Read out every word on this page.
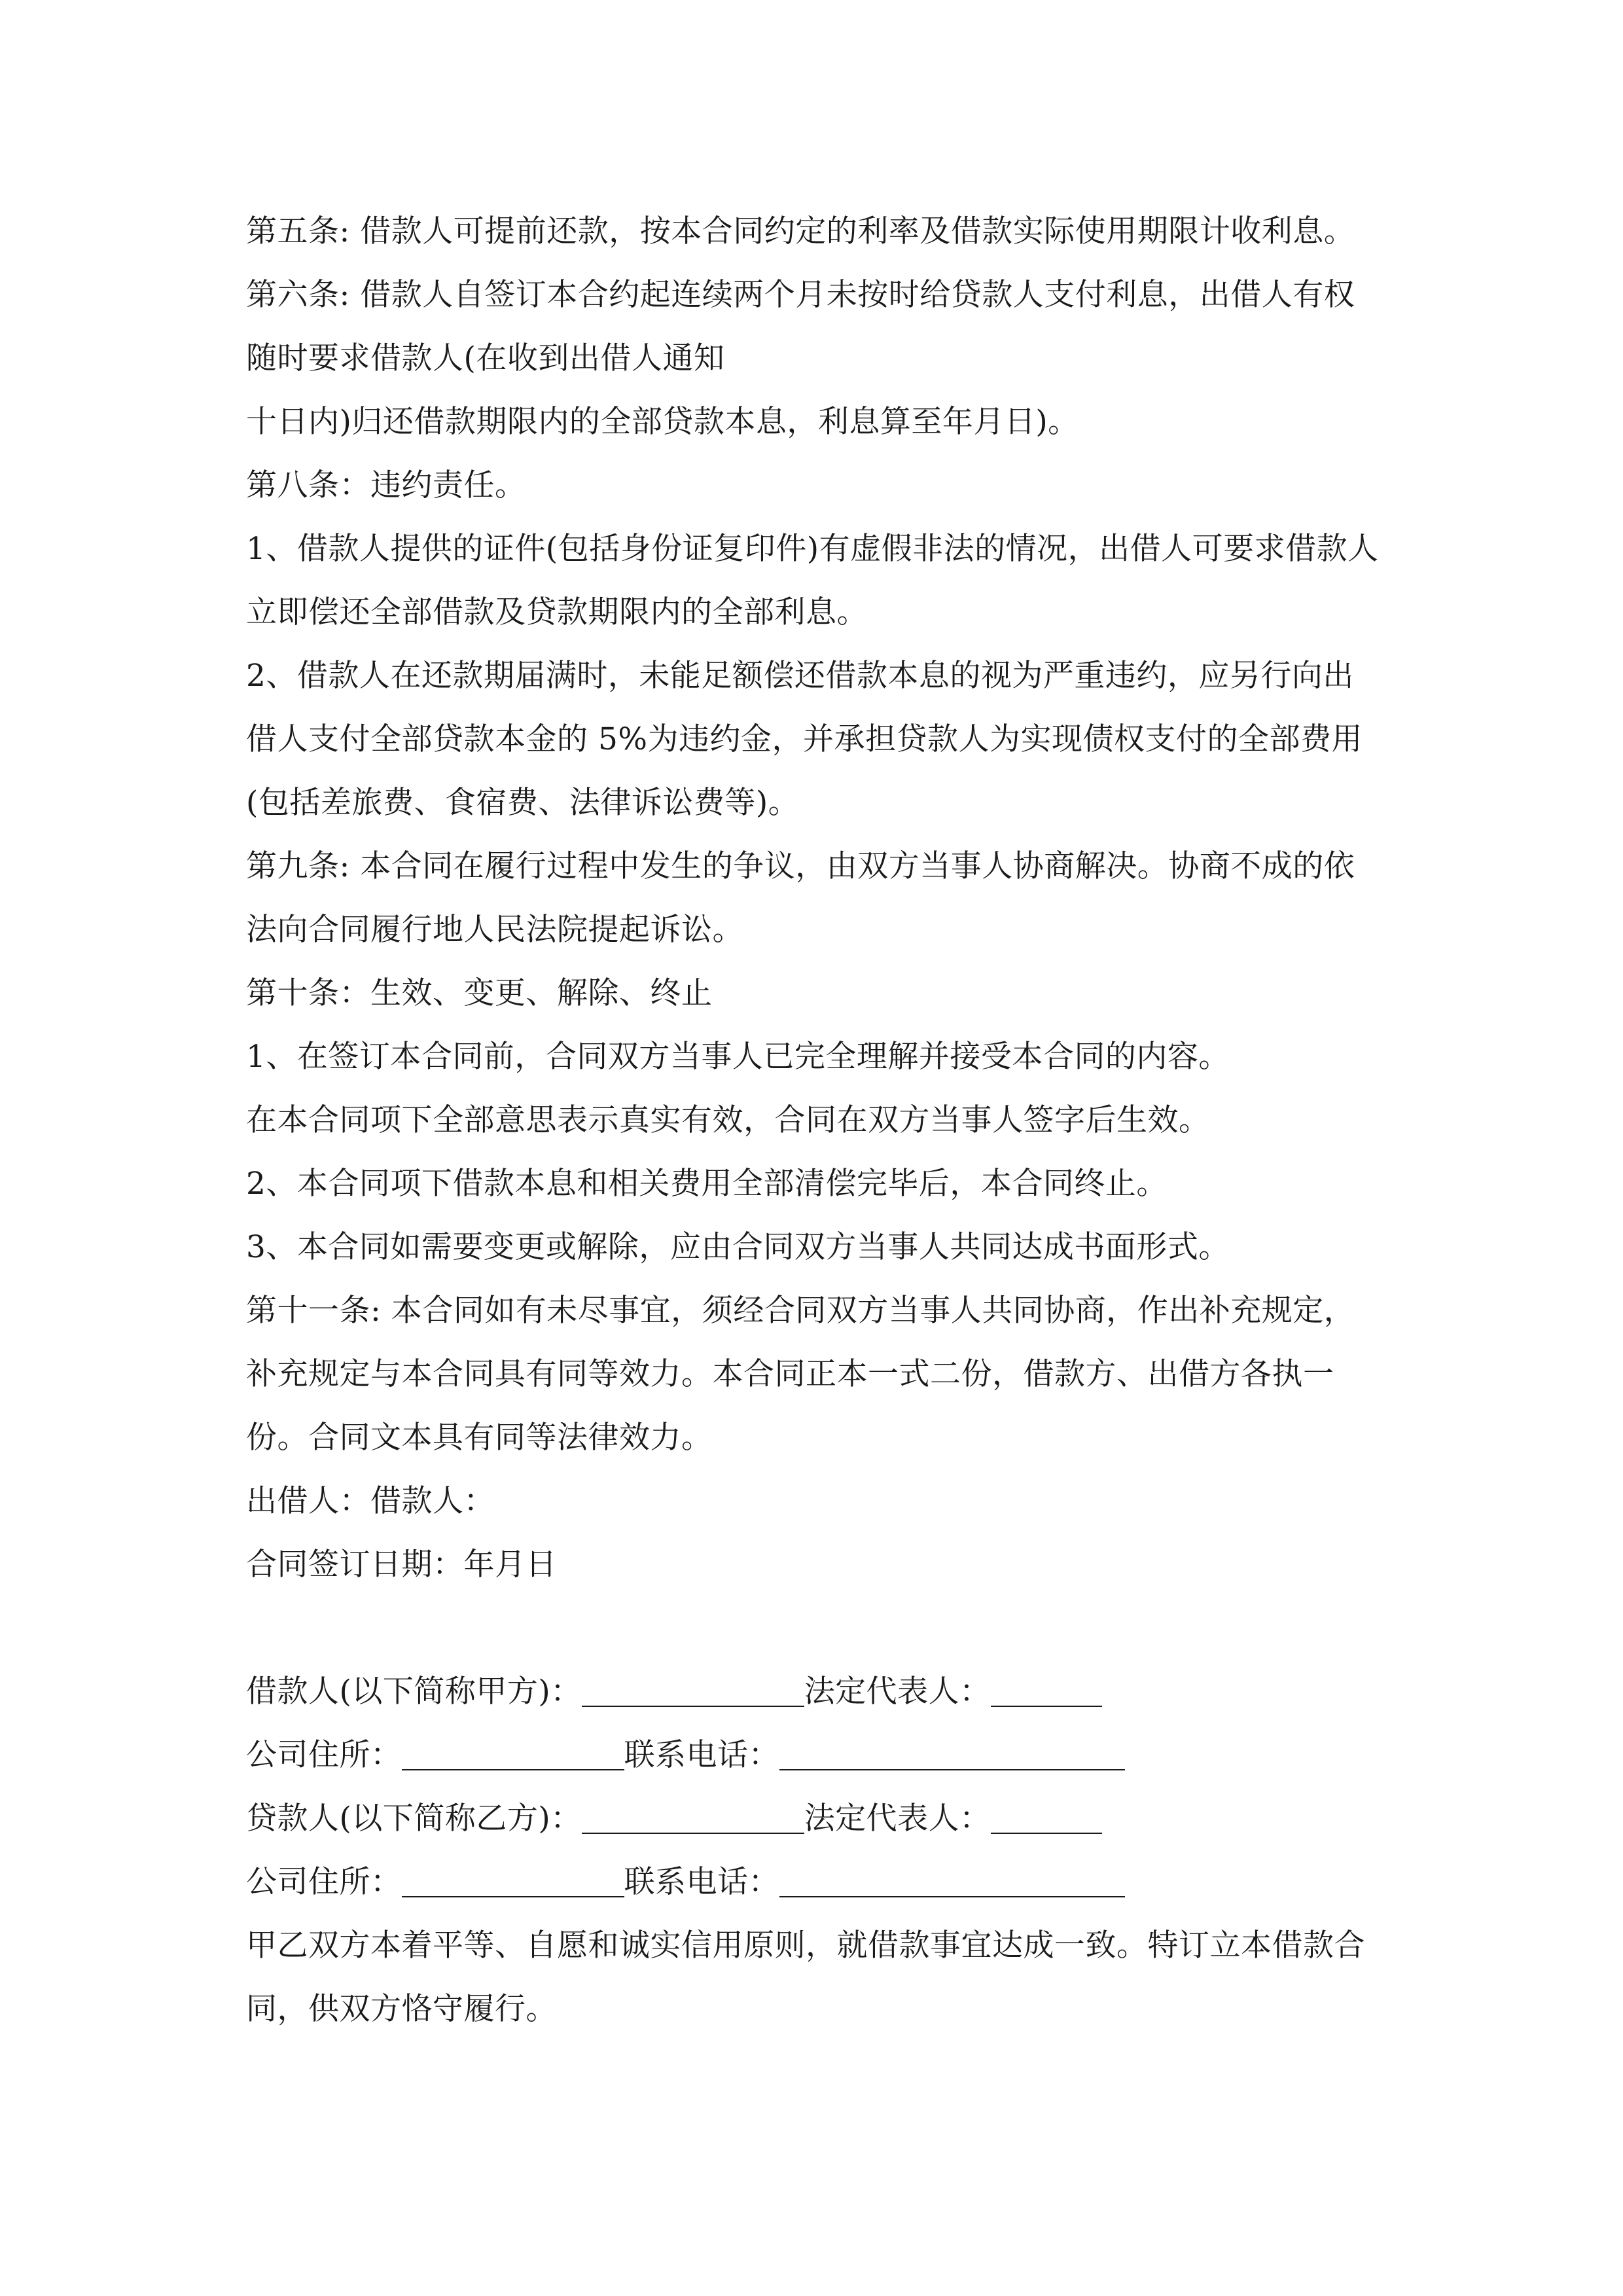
第五条: 借款人可提前还款，按本合同约定的利率及借款实际使用期限计收利息。

第六条: 借款人自签订本合约起连续两个月未按时给贷款人支付利息，出借人有权随时要求借款人(在收到出借人通知

十日内)归还借款期限内的全部贷款本息，利息算至年月日)。

第八条：违约责任。

1、借款人提供的证件(包括身份证复印件)有虚假非法的情况，出借人可要求借款人立即偿还全部借款及贷款期限内的全部利息。

2、借款人在还款期届满时，未能足额偿还借款本息的视为严重违约，应另行向出借人支付全部贷款本金的 5%为违约金，并承担贷款人为实现债权支付的全部费用(包括差旅费、食宿费、法律诉讼费等)。

第九条: 本合同在履行过程中发生的争议，由双方当事人协商解决。协商不成的依法向合同履行地人民法院提起诉讼。

第十条：生效、变更、解除、终止

1、在签订本合同前，合同双方当事人已完全理解并接受本合同的内容。

在本合同项下全部意思表示真实有效，合同在双方当事人签字后生效。

2、本合同项下借款本息和相关费用全部清偿完毕后，本合同终止。

3、本合同如需要变更或解除，应由合同双方当事人共同达成书面形式。

第十一条: 本合同如有未尽事宜，须经合同双方当事人共同协商，作出补充规定，补充规定与本合同具有同等效力。本合同正本一式二份，借款方、出借方各执一份。合同文本具有同等法律效力。

出借人：借款人：

合同签订日期：年月日

借款人(以下简称甲方)：	法定代表人：

公司住所：	联系电话：

贷款人(以下简称乙方)：	法定代表人：

公司住所：	联系电话：

甲乙双方本着平等、自愿和诚实信用原则，就借款事宜达成一致。特订立本借款合同，供双方恪守履行。
